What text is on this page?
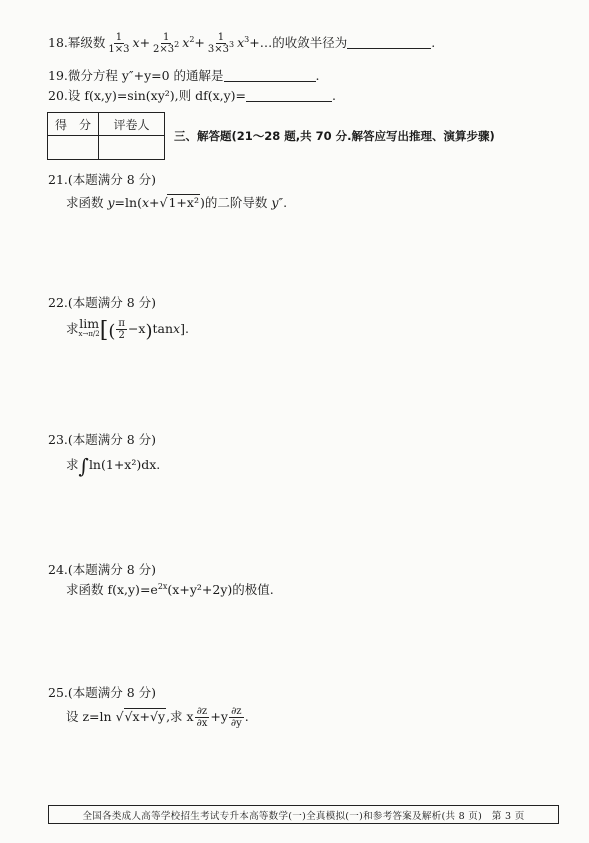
18.幂级数 $\frac{1}{1\times 3} x+ \frac{1}{2\times 3^2} x^2+ \frac{1}{3\times 3^3}$ $x^3+\dots$的收敛半径为	.
19.微分方程 y″+y=0 的通解是	.
20.设 f(x,y)=sin(xy²),则 df(x,y)=	.
得　分	评卷人
三、解答题(21～28 题,共 70 分.解答应写出推理、演算步骤)
21.(本题满分 8 分)
求函数 y=ln(x+√1+x²)的二阶导数 y″.
22.(本题满分 8 分)
求 lim
x→π/2 [( $\frac{\pi}{2} -x)\tan x$].
23.(本题满分 8 分)
求∫ln(1+x²)dx.
24.(本题满分 8 分)
求函数 $f(x,y)=e^{2x}(x+y^2+2y)$的极值.
25.(本题满分 8 分)
设 z=ln √√x+√y,求 x $\frac{\partial z}{\partial x} +y \frac{\partial z}{\partial y}$ .
全国各类成人高等学校招生考试专升本高等数学(一)全真模拟(一)和参考答案及解析(共 8 页)　第 3 页
